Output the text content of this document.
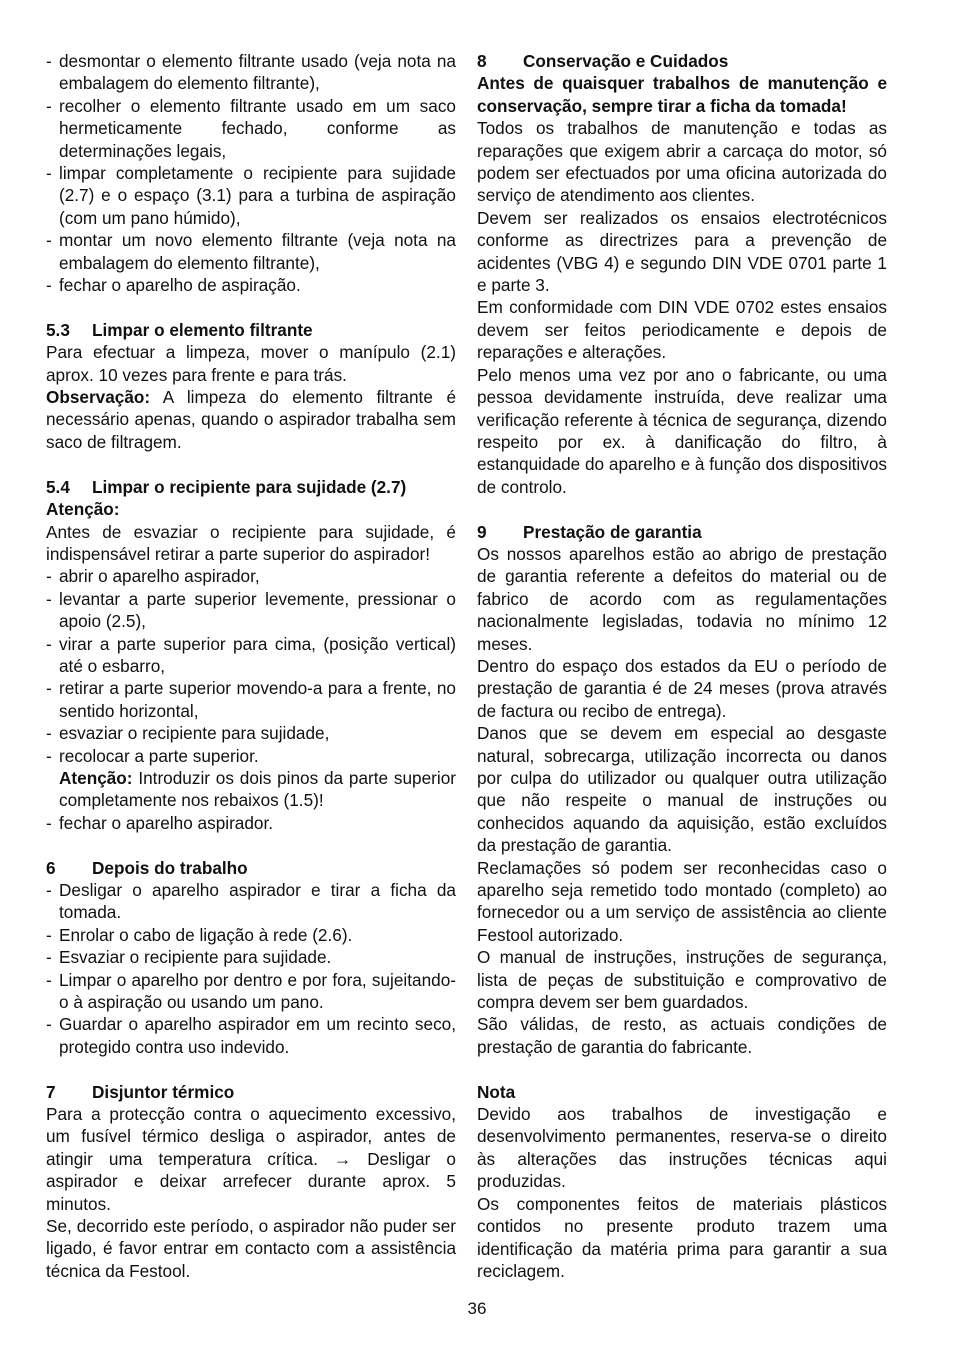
- desmontar o elemento filtrante usado (veja nota na embalagem do elemento filtrante),

- recolher o elemento filtrante usado em um saco hermeticamente fechado, conforme as determinações legais,

- limpar completamente o recipiente para sujidade (2.7) e o espaço (3.1) para a turbina de aspiração (com um pano húmido),

- montar um novo elemento filtrante (veja nota na embalagem do elemento filtrante),

- fechar o aparelho de aspiração.

5.3 Limpar o elemento filtrante

Para efectuar a limpeza, mover o manípulo (2.1) aprox. 10 vezes para frente e para trás.

Observação: A limpeza do elemento filtrante é necessário apenas, quando o aspirador trabalha sem saco de filtragem.

5.4 Limpar o recipiente para sujidade (2.7)

Atenção:

Antes de esvaziar o recipiente para sujidade, é indispensável retirar a parte superior do aspirador!

- abrir o aparelho aspirador,

- levantar a parte superior levemente, pressionar o apoio (2.5),

- virar a parte superior para cima, (posição vertical) até o esbarro,

- retirar a parte superior movendo-a para a frente, no sentido horizontal,

- esvaziar o recipiente para sujidade,

- recolocar a parte superior.

Atenção: Introduzir os dois pinos da parte superior completamente nos rebaixos (1.5)!

- fechar o aparelho aspirador.

6 Depois do trabalho

- Desligar o aparelho aspirador e tirar a ficha da tomada.

- Enrolar o cabo de ligação à rede (2.6).

- Esvaziar o recipiente para sujidade.

- Limpar o aparelho por dentro e por fora, sujeitando-o à aspiração ou usando um pano.

- Guardar o aparelho aspirador em um recinto seco, protegido contra uso indevido.

7 Disjuntor térmico

Para a protecção contra o aquecimento excessivo, um fusível térmico desliga o aspirador, antes de atingir uma temperatura crítica. → Desligar o aspirador e deixar arrefecer durante aprox. 5 minutos.

Se, decorrido este período, o aspirador não puder ser ligado, é favor entrar em contacto com a assistência técnica da Festool.

8 Conservação e Cuidados

Antes de quaisquer trabalhos de manutenção e conservação, sempre tirar a ficha da tomada!

Todos os trabalhos de manutenção e todas as reparações que exigem abrir a carcaça do motor, só podem ser efectuados por uma oficina autorizada do serviço de atendimento aos clientes.

Devem ser realizados os ensaios electrotécnicos conforme as directrizes para a prevenção de acidentes (VBG 4) e segundo DIN VDE 0701 parte 1 e parte 3.

Em conformidade com DIN VDE 0702 estes ensaios devem ser feitos periodicamente e depois de reparações e alterações.

Pelo menos uma vez por ano o fabricante, ou uma pessoa devidamente instruída, deve realizar uma verificação referente à técnica de segurança, dizendo respeito por ex. à danificação do filtro, à estanquidade do aparelho e à função dos dispositivos de controlo.

9 Prestação de garantia

Os nossos aparelhos estão ao abrigo de prestação de garantia referente a defeitos do material ou de fabrico de acordo com as regulamentações nacionalmente legisladas, todavia no mínimo 12 meses.

Dentro do espaço dos estados da EU o período de prestação de garantia é de 24 meses (prova através de factura ou recibo de entrega).

Danos que se devem em especial ao desgaste natural, sobrecarga, utilização incorrecta ou danos por culpa do utilizador ou qualquer outra utilização que não respeite o manual de instruções ou conhecidos aquando da aquisição, estão excluídos da prestação de garantia.

Reclamações só podem ser reconhecidas caso o aparelho seja remetido todo montado (completo) ao fornecedor ou a um serviço de assistência ao cliente Festool autorizado.

O manual de instruções, instruções de segurança, lista de peças de substituição e comprovativo de compra devem ser bem guardados.

São válidas, de resto, as actuais condições de prestação de garantia do fabricante.

Nota

Devido aos trabalhos de investigação e desenvolvimento permanentes, reserva-se o direito às alterações das instruções técnicas aqui produzidas.

Os componentes feitos de materiais plásticos contidos no presente produto trazem uma identificação da matéria prima para garantir a sua reciclagem.

36
